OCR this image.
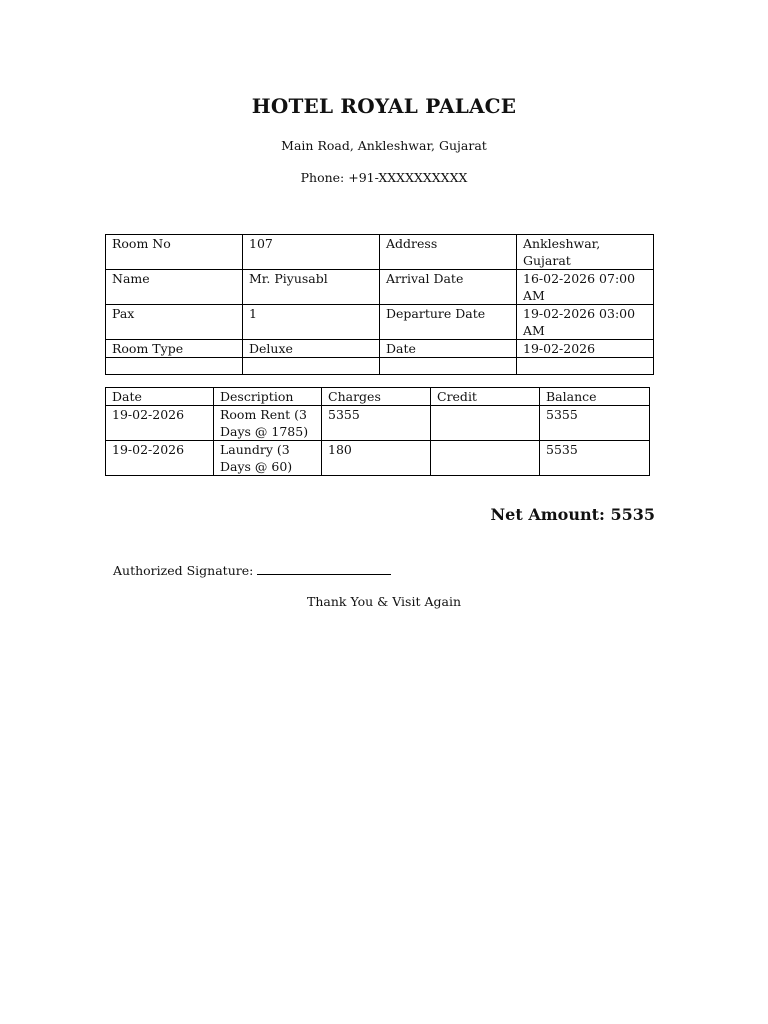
HOTEL ROYAL PALACE
Main Road, Ankleshwar, Gujarat
Phone: +91-XXXXXXXXXX
Room No	107	Address	Ankleshwar, Gujarat
Name	Mr. Piyusabl	Arrival Date	16-02-2026 07:00 AM
Pax	1	Departure Date	19-02-2026 03:00 AM
Room Type	Deluxe	Date	19-02-2026

Date	Description	Charges	Credit	Balance
19-02-2026	Room Rent (3 Days @ 1785)	5355		5355
19-02-2026	Laundry (3 Days @ 60)	180		5535
Net Amount: 5535
Authorized Signature:
Thank You & Visit Again
